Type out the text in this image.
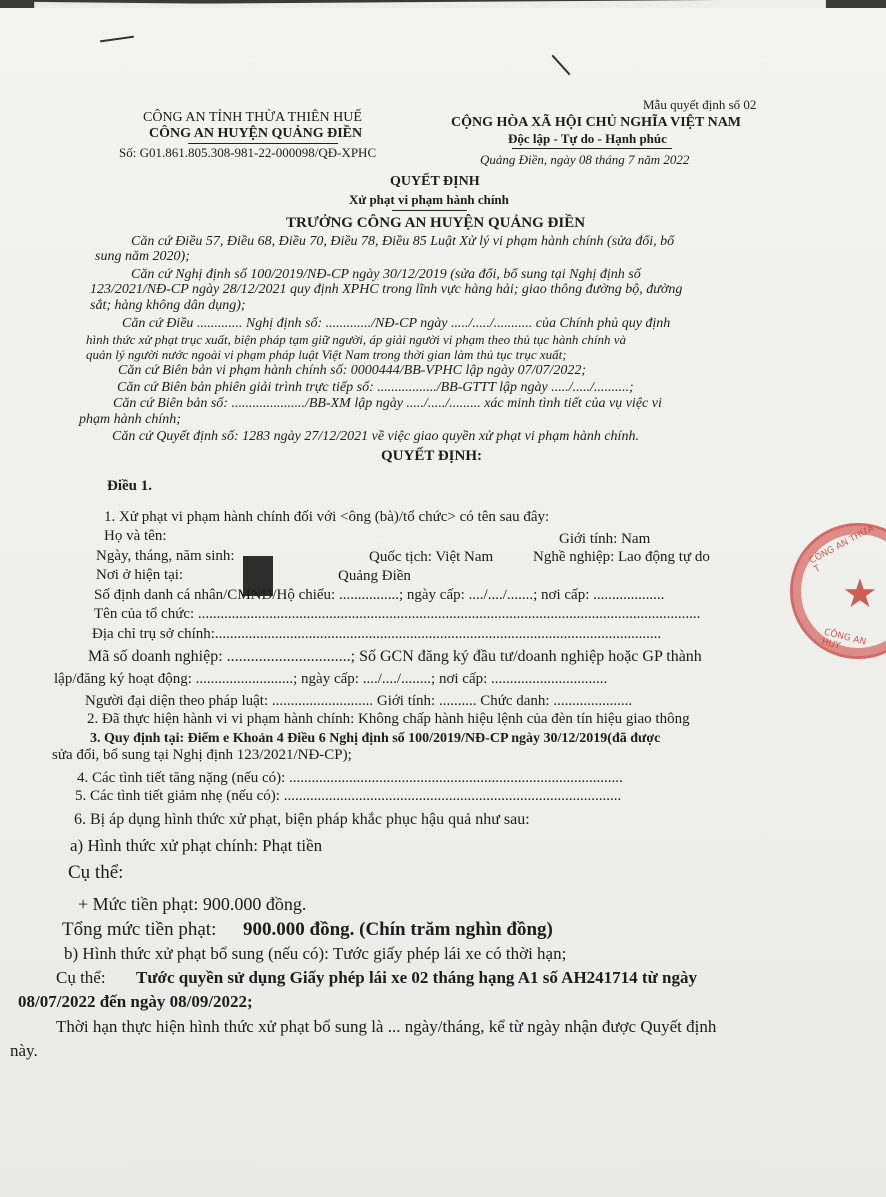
Mẫu quyết định số 02
CÔNG AN TỈNH THỪA THIÊN HUẾ
CÔNG AN HUYỆN QUẢNG ĐIỀN
Số: G01.861.805.308-981-22-000098/QĐ-XPHC
CỘNG HÒA XÃ HỘI CHỦ NGHĨA VIỆT NAM
Độc lập - Tự do - Hạnh phúc
Quảng Điền, ngày 08 tháng 7 năm 2022
QUYẾT ĐỊNH
Xử phạt vi phạm hành chính
TRƯỞNG CÔNG AN HUYỆN QUẢNG ĐIỀN
Căn cứ Điều 57, Điều 68, Điều 70, Điều 78, Điều 85 Luật Xử lý vi phạm hành chính (sửa đổi, bổ
sung năm 2020);
Căn cứ Nghị định số 100/2019/NĐ-CP ngày 30/12/2019 (sửa đổi, bổ sung tại Nghị định số
123/2021/NĐ-CP ngày 28/12/2021 quy định XPHC trong lĩnh vực hàng hải; giao thông đường bộ, đường
sắt; hàng không dân dụng);
Căn cứ Điều ............. Nghị định số: ............./NĐ-CP ngày ...../...../........... của Chính phủ quy định
hình thức xử phạt trục xuất, biện pháp tạm giữ người, áp giải người vi phạm theo thủ tục hành chính và
quản lý người nước ngoài vi phạm pháp luật Việt Nam trong thời gian làm thủ tục trục xuất;
Căn cứ Biên bản vi phạm hành chính số: 0000444/BB-VPHC lập ngày 07/07/2022;
Căn cứ Biên bản phiên giải trình trực tiếp số: ................./BB-GTTT lập ngày ...../...../..........;
Căn cứ Biên bản số: ...................../BB-XM lập ngày ...../...../......... xác minh tình tiết của vụ việc vi
phạm hành chính;
Căn cứ Quyết định số: 1283 ngày 27/12/2021 về việc giao quyền xử phạt vi phạm hành chính.
QUYẾT ĐỊNH:
Điều 1.
1. Xử phạt vi phạm hành chính đối với <ông (bà)/tổ chức> có tên sau đây:
Họ và tên:	Giới tính: Nam
Ngày, tháng, năm sinh:	Quốc tịch: Việt Nam	Nghề nghiệp: Lao động tự do
Nơi ở hiện tại:	Quảng Điền
Số định danh cá nhân/CMND/Hộ chiếu: ................; ngày cấp: ..../..../.......; nơi cấp: ...................
Tên của tổ chức: ......................................................................................................................................
Địa chỉ trụ sở chính:.......................................................................................................................
Mã số doanh nghiệp: ...............................; Số GCN đăng ký đầu tư/doanh nghiệp hoặc GP thành
lập/đăng ký hoạt động: ..........................; ngày cấp: ..../..../........; nơi cấp: ...............................
Người đại diện theo pháp luật: ........................... Giới tính: .......... Chức danh: .....................
2. Đã thực hiện hành vi vi phạm hành chính: Không chấp hành hiệu lệnh của đèn tín hiệu giao thông
3. Quy định tại: Điểm e Khoản 4 Điều 6 Nghị định số 100/2019/NĐ-CP ngày 30/12/2019(đã được
sửa đổi, bổ sung tại Nghị định 123/2021/NĐ-CP);
4. Các tình tiết tăng nặng (nếu có): .........................................................................................
5. Các tình tiết giảm nhẹ (nếu có): ..........................................................................................
6. Bị áp dụng hình thức xử phạt, biện pháp khắc phục hậu quả như sau:
a) Hình thức xử phạt chính: Phạt tiền
Cụ thể:
+ Mức tiền phạt: 900.000 đồng.
Tổng mức tiền phạt: 900.000 đồng. (Chín trăm nghìn đồng)
b) Hình thức xử phạt bổ sung (nếu có): Tước giấy phép lái xe có thời hạn;
Cụ thể: Tước quyền sử dụng Giấy phép lái xe 02 tháng hạng A1 số AH241714 từ ngày
08/07/2022 đến ngày 08/09/2022;
Thời hạn thực hiện hình thức xử phạt bổ sung là ... ngày/tháng, kể từ ngày nhận được Quyết định
này.
★
CÔNG AN THỪA T
CÔNG AN HUY
